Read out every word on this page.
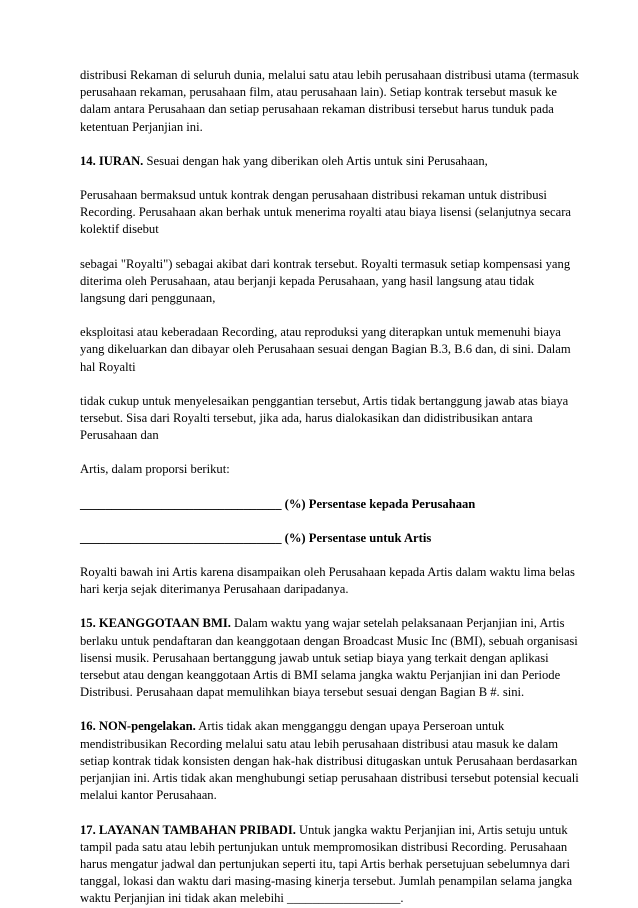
distribusi Rekaman di seluruh dunia, melalui satu atau lebih perusahaan distribusi utama (termasuk perusahaan rekaman, perusahaan film, atau perusahaan lain). Setiap kontrak tersebut masuk ke dalam antara Perusahaan dan setiap perusahaan rekaman distribusi tersebut harus tunduk pada ketentuan Perjanjian ini.

14. IURAN. Sesuai dengan hak yang diberikan oleh Artis untuk sini Perusahaan,

Perusahaan bermaksud untuk kontrak dengan perusahaan distribusi rekaman untuk distribusi Recording. Perusahaan akan berhak untuk menerima royalti atau biaya lisensi (selanjutnya secara kolektif disebut

sebagai "Royalti") sebagai akibat dari kontrak tersebut. Royalti termasuk setiap kompensasi yang diterima oleh Perusahaan, atau berjanji kepada Perusahaan, yang hasil langsung atau tidak langsung dari penggunaan,

eksploitasi atau keberadaan Recording, atau reproduksi yang diterapkan untuk memenuhi biaya yang dikeluarkan dan dibayar oleh Perusahaan sesuai dengan Bagian B.3, B.6 dan, di sini. Dalam hal Royalti

tidak cukup untuk menyelesaikan penggantian tersebut, Artis tidak bertanggung jawab atas biaya tersebut. Sisa dari Royalti tersebut, jika ada, harus dialokasikan dan didistribusikan antara Perusahaan dan

Artis, dalam proporsi berikut:

________________________________ (%) Persentase kepada Perusahaan

________________________________ (%) Persentase untuk Artis

Royalti bawah ini Artis karena disampaikan oleh Perusahaan kepada Artis dalam waktu lima belas hari kerja sejak diterimanya Perusahaan daripadanya.

15. KEANGGOTAAN BMI. Dalam waktu yang wajar setelah pelaksanaan Perjanjian ini, Artis berlaku untuk pendaftaran dan keanggotaan dengan Broadcast Music Inc (BMI), sebuah organisasi lisensi musik. Perusahaan bertanggung jawab untuk setiap biaya yang terkait dengan aplikasi tersebut atau dengan keanggotaan Artis di BMI selama jangka waktu Perjanjian ini dan Periode Distribusi. Perusahaan dapat memulihkan biaya tersebut sesuai dengan Bagian B #. sini.

16. NON-pengelakan. Artis tidak akan mengganggu dengan upaya Perseroan untuk mendistribusikan Recording melalui satu atau lebih perusahaan distribusi atau masuk ke dalam setiap kontrak tidak konsisten dengan hak-hak distribusi ditugaskan untuk Perusahaan berdasarkan perjanjian ini. Artis tidak akan menghubungi setiap perusahaan distribusi tersebut potensial kecuali melalui kantor Perusahaan.

17. LAYANAN TAMBAHAN PRIBADI. Untuk jangka waktu Perjanjian ini, Artis setuju untuk tampil pada satu atau lebih pertunjukan untuk mempromosikan distribusi Recording. Perusahaan harus mengatur jadwal dan pertunjukan seperti itu, tapi Artis berhak persetujuan sebelumnya dari tanggal, lokasi dan waktu dari masing-masing kinerja tersebut. Jumlah penampilan selama jangka waktu Perjanjian ini tidak akan melebihi __________________.
